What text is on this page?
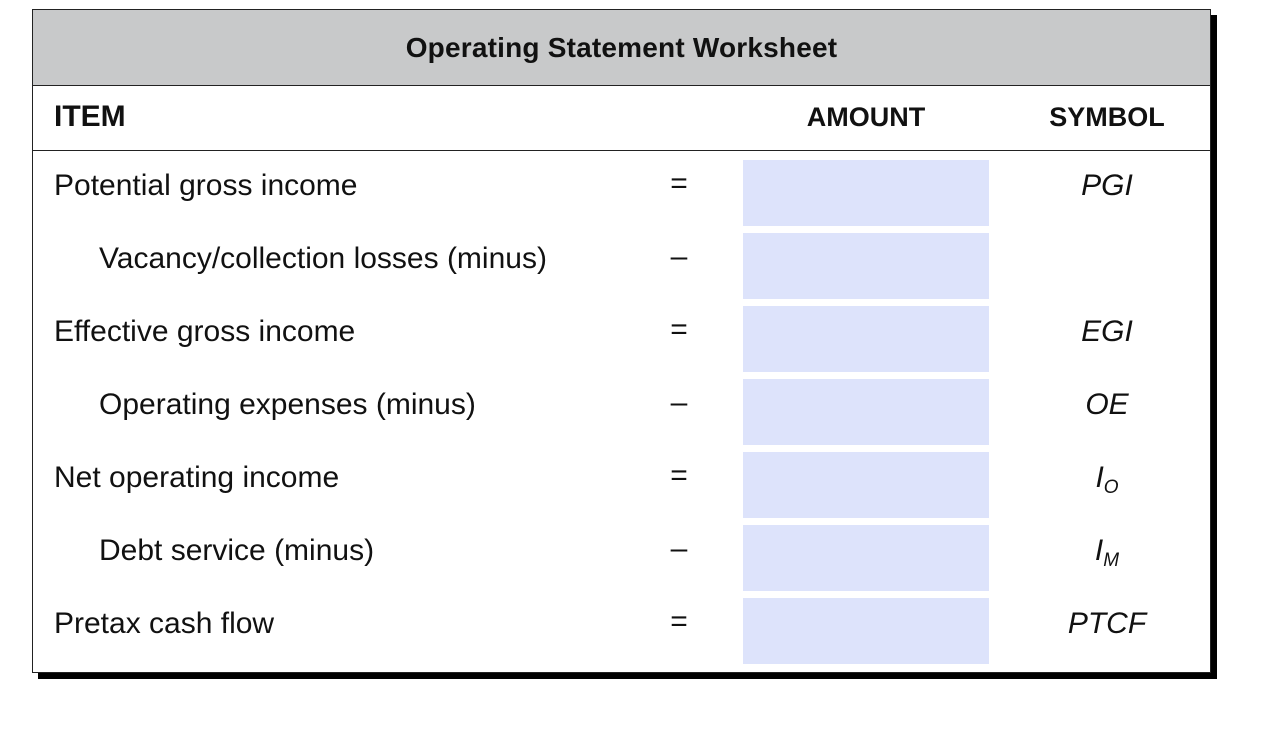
Operating Statement Worksheet
ITEM	AMOUNT	SYMBOL
Potential gross income	=	PGI
Vacancy/collection losses (minus)	–
Effective gross income	=	EGI
Operating expenses (minus)	–	OE
Net operating income	=	$I_O$
Debt service (minus)	–	$I_M$
Pretax cash flow	=	PTCF
